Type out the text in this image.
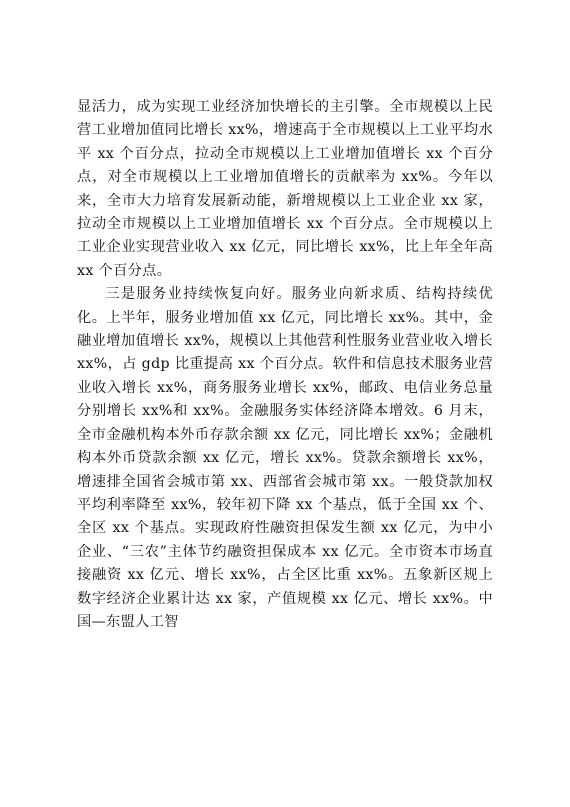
显活力，成为实现工业经济加快增长的主引擎。全市规模以上民营工业增加值同比增长 xx%，增速高于全市规模以上工业平均水平 xx 个百分点，拉动全市规模以上工业增加值增长 xx 个百分点，对全市规模以上工业增加值增长的贡献率为 xx%。今年以来，全市大力培育发展新动能，新增规模以上工业企业 xx 家，拉动全市规模以上工业增加值增长 xx 个百分点。全市规模以上工业企业实现营业收入 xx 亿元，同比增长 xx%，比上年全年高 xx 个百分点。

三是服务业持续恢复向好。服务业向新求质、结构持续优化。上半年，服务业增加值 xx 亿元，同比增长 xx%。其中，金融业增加值增长 xx%，规模以上其他营利性服务业营业收入增长 xx%，占 gdp 比重提高 xx 个百分点。软件和信息技术服务业营业收入增长 xx%，商务服务业增长 xx%，邮政、电信业务总量分别增长 xx%和 xx%。金融服务实体经济降本增效。6 月末，全市金融机构本外币存款余额 xx 亿元，同比增长 xx%；金融机构本外币贷款余额 xx 亿元，增长 xx%。贷款余额增长 xx%，增速排全国省会城市第 xx、西部省会城市第 xx。一般贷款加权平均利率降至 xx%，较年初下降 xx 个基点，低于全国 xx 个、全区 xx 个基点。实现政府性融资担保发生额 xx 亿元，为中小企业、“三农”主体节约融资担保成本 xx 亿元。全市资本市场直接融资 xx 亿元、增长 xx%，占全区比重 xx%。五象新区规上数字经济企业累计达 xx 家，产值规模 xx 亿元、增长 xx%。中国—东盟人工智
